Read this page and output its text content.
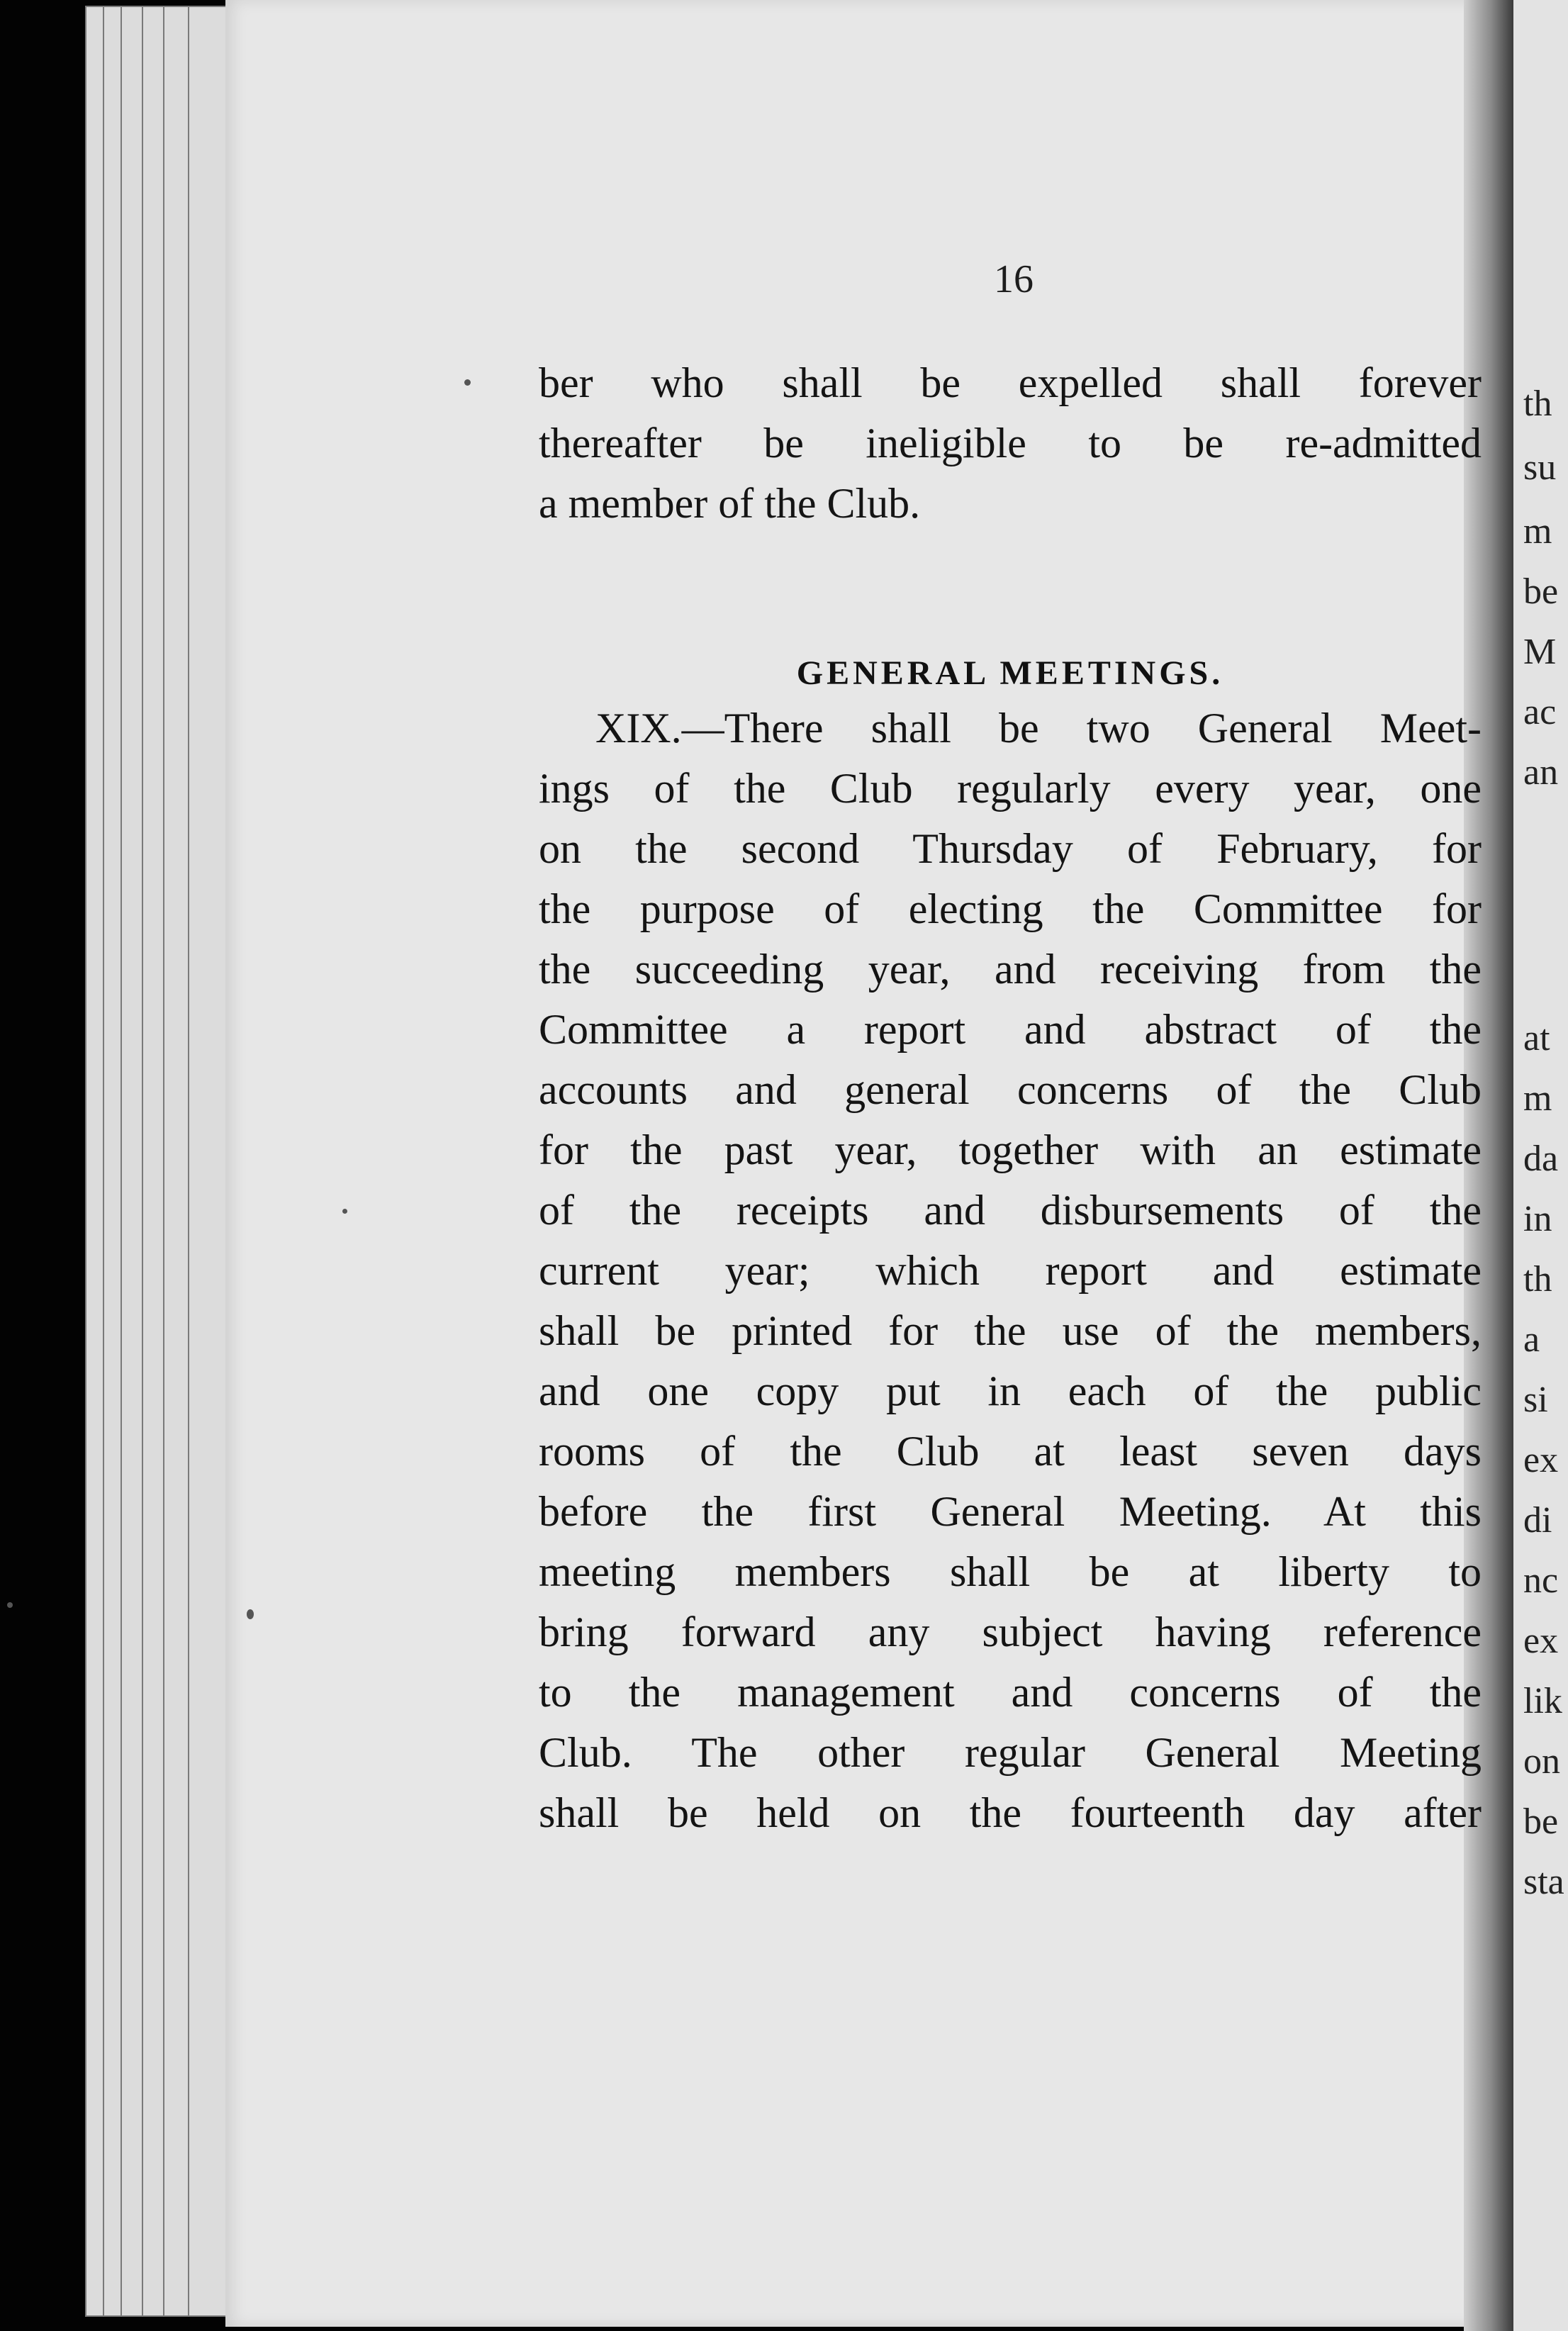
th
su
m
be
M
ac
an
at
m
da
in
th
a
si
ex
di
nc
ex
lik
on
be
sta
16
ber who shall be expelled shall forever
thereafter be ineligible to be re-admitted
a member of the Club.
GENERAL MEETINGS.
XIX.—There shall be two General Meet-
ings of the Club regularly every year, one
on the second Thursday of February, for
the purpose of electing the Committee for
the succeeding year, and receiving from the
Committee a report and abstract of the
accounts and general concerns of the Club
for the past year, together with an estimate
of the receipts and disbursements of the
current year; which report and estimate
shall be printed for the use of the members,
and one copy put in each of the public
rooms of the Club at least seven days
before the first General Meeting. At this
meeting members shall be at liberty to
bring forward any subject having reference
to the management and concerns of the
Club. The other regular General Meeting
shall be held on the fourteenth day after
